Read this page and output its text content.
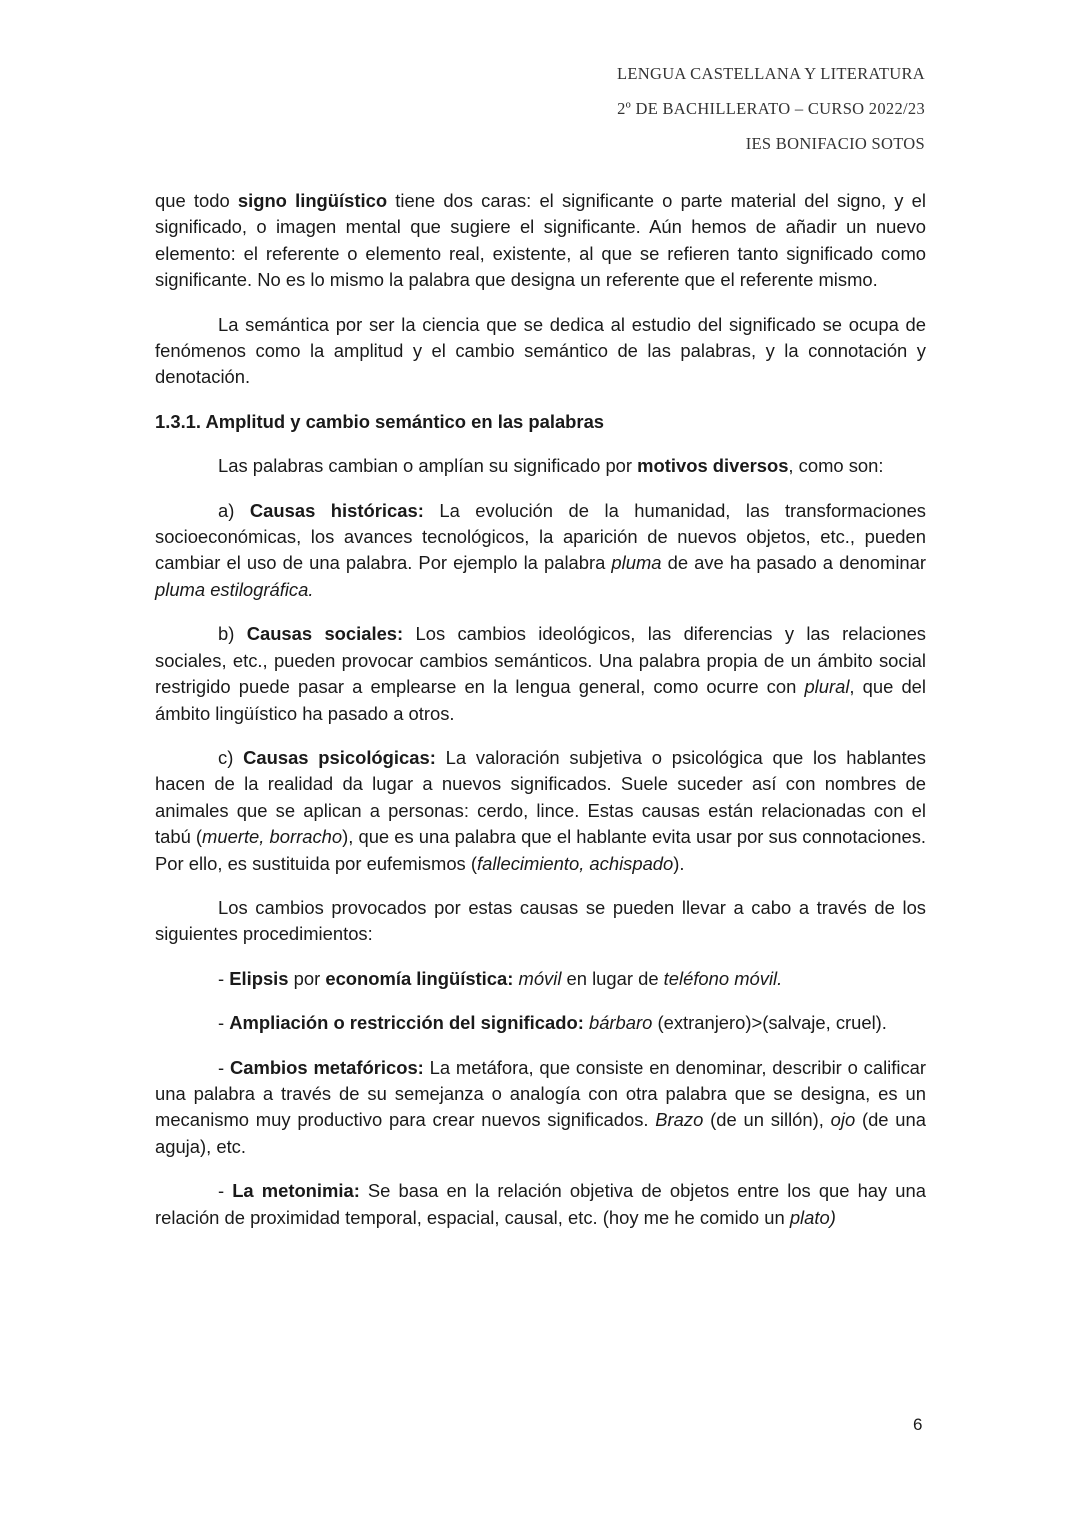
LENGUA CASTELLANA Y LITERATURA
2º DE BACHILLERATO – CURSO 2022/23
IES BONIFACIO SOTOS

que todo signo lingüístico tiene dos caras: el significante o parte material del signo, y el significado, o imagen mental que sugiere el significante. Aún hemos de añadir un nuevo elemento: el referente o elemento real, existente, al que se refieren tanto significado como significante. No es lo mismo la palabra que designa un referente que el referente mismo.

La semántica por ser la ciencia que se dedica al estudio del significado se ocupa de fenómenos como la amplitud y el cambio semántico de las palabras, y la connotación y denotación.

1.3.1. Amplitud y cambio semántico en las palabras

Las palabras cambian o amplían su significado por motivos diversos, como son:

a) Causas históricas: La evolución de la humanidad, las transformaciones socioeconómicas, los avances tecnológicos, la aparición de nuevos objetos, etc., pueden cambiar el uso de una palabra. Por ejemplo la palabra pluma de ave ha pasado a denominar pluma estilográfica.

b) Causas sociales: Los cambios ideológicos, las diferencias y las relaciones sociales, etc., pueden provocar cambios semánticos. Una palabra propia de un ámbito social restrigido puede pasar a emplearse en la lengua general, como ocurre con plural, que del ámbito lingüístico ha pasado a otros.

c) Causas psicológicas: La valoración subjetiva o psicológica que los hablantes hacen de la realidad da lugar a nuevos significados. Suele suceder así con nombres de animales que se aplican a personas: cerdo, lince. Estas causas están relacionadas con el tabú (muerte, borracho), que es una palabra que el hablante evita usar por sus connotaciones. Por ello, es sustituida por eufemismos (fallecimiento, achispado).

Los cambios provocados por estas causas se pueden llevar a cabo a través de los siguientes procedimientos:

- Elipsis por economía lingüística: móvil en lugar de teléfono móvil.

- Ampliación o restricción del significado: bárbaro (extranjero)>(salvaje, cruel).

- Cambios metafóricos: La metáfora, que consiste en denominar, describir o calificar una palabra a través de su semejanza o analogía con otra palabra que se designa, es un mecanismo muy productivo para crear nuevos significados. Brazo (de un sillón), ojo (de una aguja), etc.

- La metonimia: Se basa en la relación objetiva de objetos entre los que hay una relación de proximidad temporal, espacial, causal, etc. (hoy me he comido un plato)

6
